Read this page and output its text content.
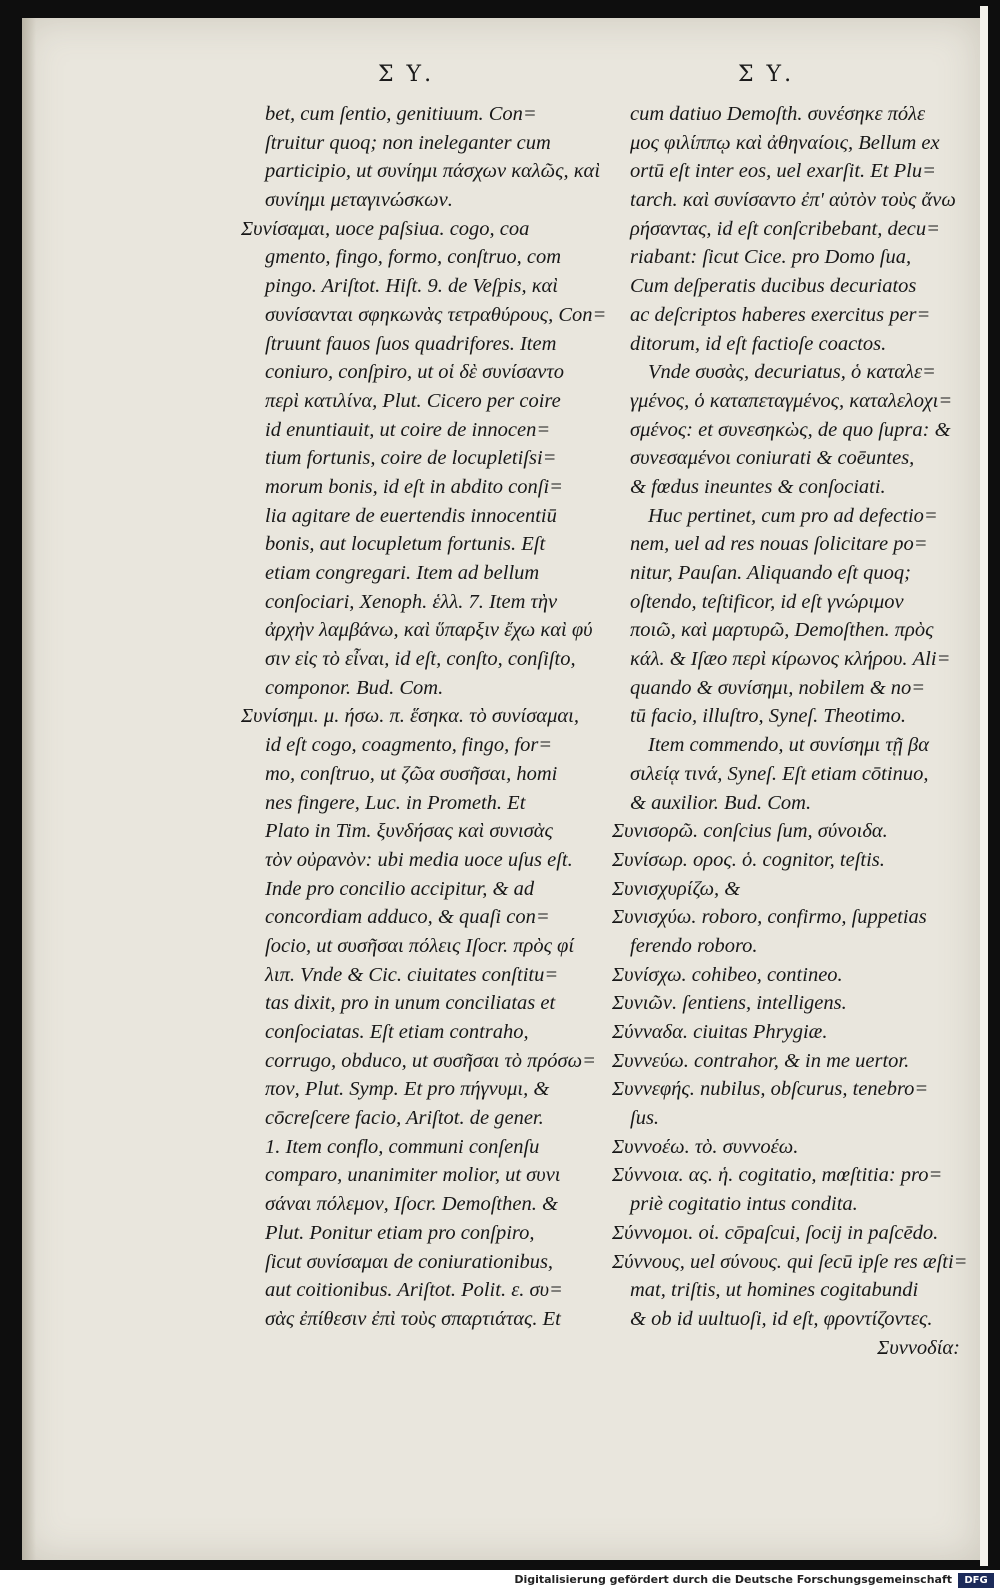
Σ Υ.	Σ Υ.
bet, cum ſentio, genitiuum. Con=
ſtruitur quoq; non ineleganter cum
participio, ut συνίημι πάσχων καλῶς, καὶ
συνίημι μεταγινώσκων.
Συνίσαμαι, uoce paſsiua. cogo, coa
gmento, fingo, formo, conſtruo, com
pingo. Ariſtot. Hiſt. 9. de Veſpis, καὶ
συνίσανται σφηκωνὰς τετραθύρους, Con=
ſtruunt fauos ſuos quadrifores. Item
coniuro, conſpiro, ut οἱ δὲ συνίσαντο
περὶ κατιλίνα, Plut. Cicero per coire
id enuntiauit, ut coire de innocen=
tium fortunis, coire de locupletiſsi=
morum bonis, id eſt in abdito conſi=
lia agitare de euertendis innocentiū
bonis, aut locupletum fortunis. Eſt
etiam congregari. Item ad bellum
conſociari, Xenoph. ἑλλ. 7. Item τὴν
ἀρχὴν λαμβάνω, καὶ ὕπαρξιν ἔχω καὶ φύ
σιν εἰς τὸ εἶναι, id eſt, conſto, conſiſto,
componor. Bud. Com.
Συνίσημι. μ. ήσω. π. ἕσηκα. τὸ συνίσαμαι,
id eſt cogo, coagmento, fingo, for=
mo, conſtruo, ut ζῶα συσῆσαι, homi
nes fingere, Luc. in Prometh. Et
Plato in Tim. ξυνδήσας καὶ συνισὰς
τὸν οὐρανὸν: ubi media uoce uſus eſt.
Inde pro concilio accipitur, & ad
concordiam adduco, & quaſi con=
ſocio, ut συσῆσαι πόλεις Iſocr. πρὸς φί
λιπ. Vnde & Cic. ciuitates conſtitu=
tas dixit, pro in unum conciliatas et
conſociatas. Eſt etiam contraho,
corrugo, obduco, ut συσῆσαι τὸ πρόσω=
πον, Plut. Symp. Et pro πήγνυμι, &
cōcreſcere facio, Ariſtot. de gener.
1. Item conflo, communi conſenſu
comparo, unanimiter molior, ut συνι
σάναι πόλεμον, Iſocr. Demoſthen. &
Plut. Ponitur etiam pro conſpiro,
ſicut συνίσαμαι de coniurationibus,
aut coitionibus. Ariſtot. Polit. ε. συ=
σὰς ἐπίθεσιν ἐπὶ τοὺς σπαρτιάτας. Et
cum datiuo Demoſth. συνέσηκε πόλε
μος φιλίππῳ καὶ ἀθηναίοις, Bellum ex
ortū eſt inter eos, uel exarſit. Et Plu=
tarch. καὶ συνίσαντο ἐπ' αὐτὸν τοὺς ἄνω
ρήσαντας, id eſt conſcribebant, decu=
riabant: ſicut Cice. pro Domo ſua,
Cum deſperatis ducibus decuriatos
ac deſcriptos haberes exercitus per=
ditorum, id eſt factioſe coactos.
Vnde συσὰς, decuriatus, ὁ καταλε=
γμένος, ὁ καταπεταγμένος, καταλελοχι=
σμένος: et συνεσηκὼς, de quo ſupra: &
συνεσαμένοι coniurati & coēuntes,
& fœdus ineuntes & conſociati.
Huc pertinet, cum pro ad defectio=
nem, uel ad res nouas ſolicitare po=
nitur, Pauſan. Aliquando eſt quoq;
oſtendo, teſtificor, id eſt γνώριμον
ποιῶ, καὶ μαρτυρῶ, Demoſthen. πρὸς
κάλ. & Iſæo περὶ κίρωνος κλήρου. Ali=
quando & συνίσημι, nobilem & no=
tū facio, illuſtro, Syneſ. Theotimo.
Item commendo, ut συνίσημι τῇ βα
σιλείᾳ τινά, Syneſ. Eſt etiam cōtinuo,
& auxilior. Bud. Com.
Συνισορῶ. conſcius ſum, σύνοιδα.
Συνίσωρ. ορος. ὁ. cognitor, teſtis.
Συνισχυρίζω, &
Συνισχύω. roboro, confirmo, ſuppetias
ferendo roboro.
Συνίσχω. cohibeo, contineo.
Συνιῶν. ſentiens, intelligens.
Σύνναδα. ciuitas Phrygiæ.
Συννεύω. contrahor, & in me uertor.
Συννεφής. nubilus, obſcurus, tenebro=
ſus.
Συννοέω. τὸ. συννοέω.
Σύννοια. ας. ἡ. cogitatio, mœſtitia: pro=
priè cogitatio intus condita.
Σύννομοι. οἱ. cōpaſcui, ſocij in paſcēdo.
Σύννους, uel σύνους. qui ſecū ipſe res æſti=
mat, triſtis, ut homines cogitabundi
& ob id uultuoſi, id eſt, φροντίζοντες.
Συννοδία:
Digitalisierung gefördert durch die Deutsche Forschungsgemeinschaft	DFG
